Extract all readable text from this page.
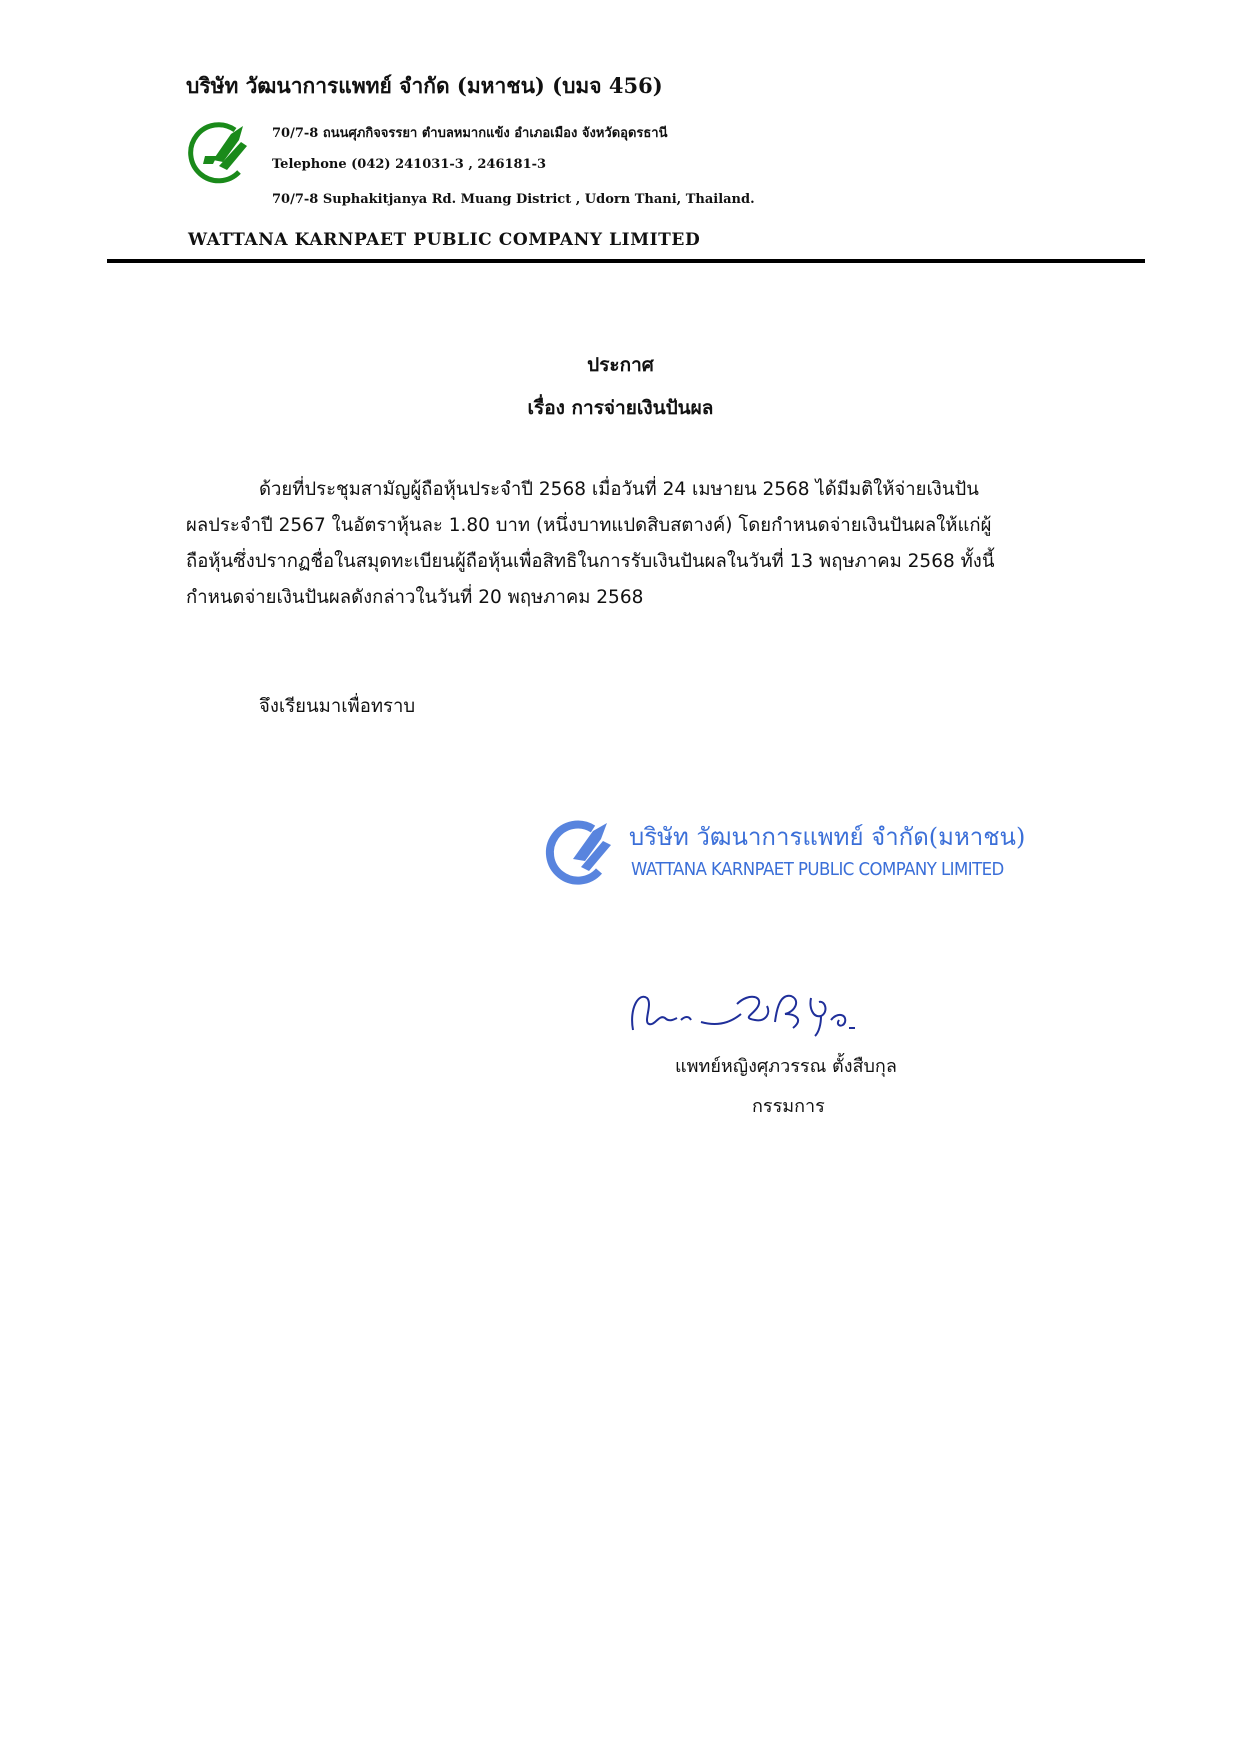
บริษัท วัฒนาการแพทย์ จำกัด (มหาชน) (บมจ 456)
70/7-8 ถนนศุภกิจจรรยา ตำบลหมากแข้ง อำเภอเมือง จังหวัดอุดรธานี
Telephone (042) 241031-3 , 246181-3
70/7-8 Suphakitjanya Rd. Muang District , Udorn Thani, Thailand.
WATTANA KARNPAET PUBLIC COMPANY LIMITED
ประกาศ
เรื่อง การจ่ายเงินปันผล
ด้วยที่ประชุมสามัญผู้ถือหุ้นประจำปี 2568 เมื่อวันที่ 24 เมษายน 2568 ได้มีมติให้จ่ายเงินปัน
ผลประจำปี 2567 ในอัตราหุ้นละ 1.80 บาท (หนึ่งบาทแปดสิบสตางค์) โดยกำหนดจ่ายเงินปันผลให้แก่ผู้
ถือหุ้นซึ่งปรากฏชื่อในสมุดทะเบียนผู้ถือหุ้นเพื่อสิทธิในการรับเงินปันผลในวันที่ 13 พฤษภาคม 2568 ทั้งนี้
กำหนดจ่ายเงินปันผลดังกล่าวในวันที่ 20 พฤษภาคม 2568
จึงเรียนมาเพื่อทราบ
บริษัท วัฒนาการแพทย์ จำกัด(มหาชน)
WATTANA KARNPAET PUBLIC COMPANY LIMITED
แพทย์หญิงศุภวรรณ ตั้งสืบกุล
กรรมการ
